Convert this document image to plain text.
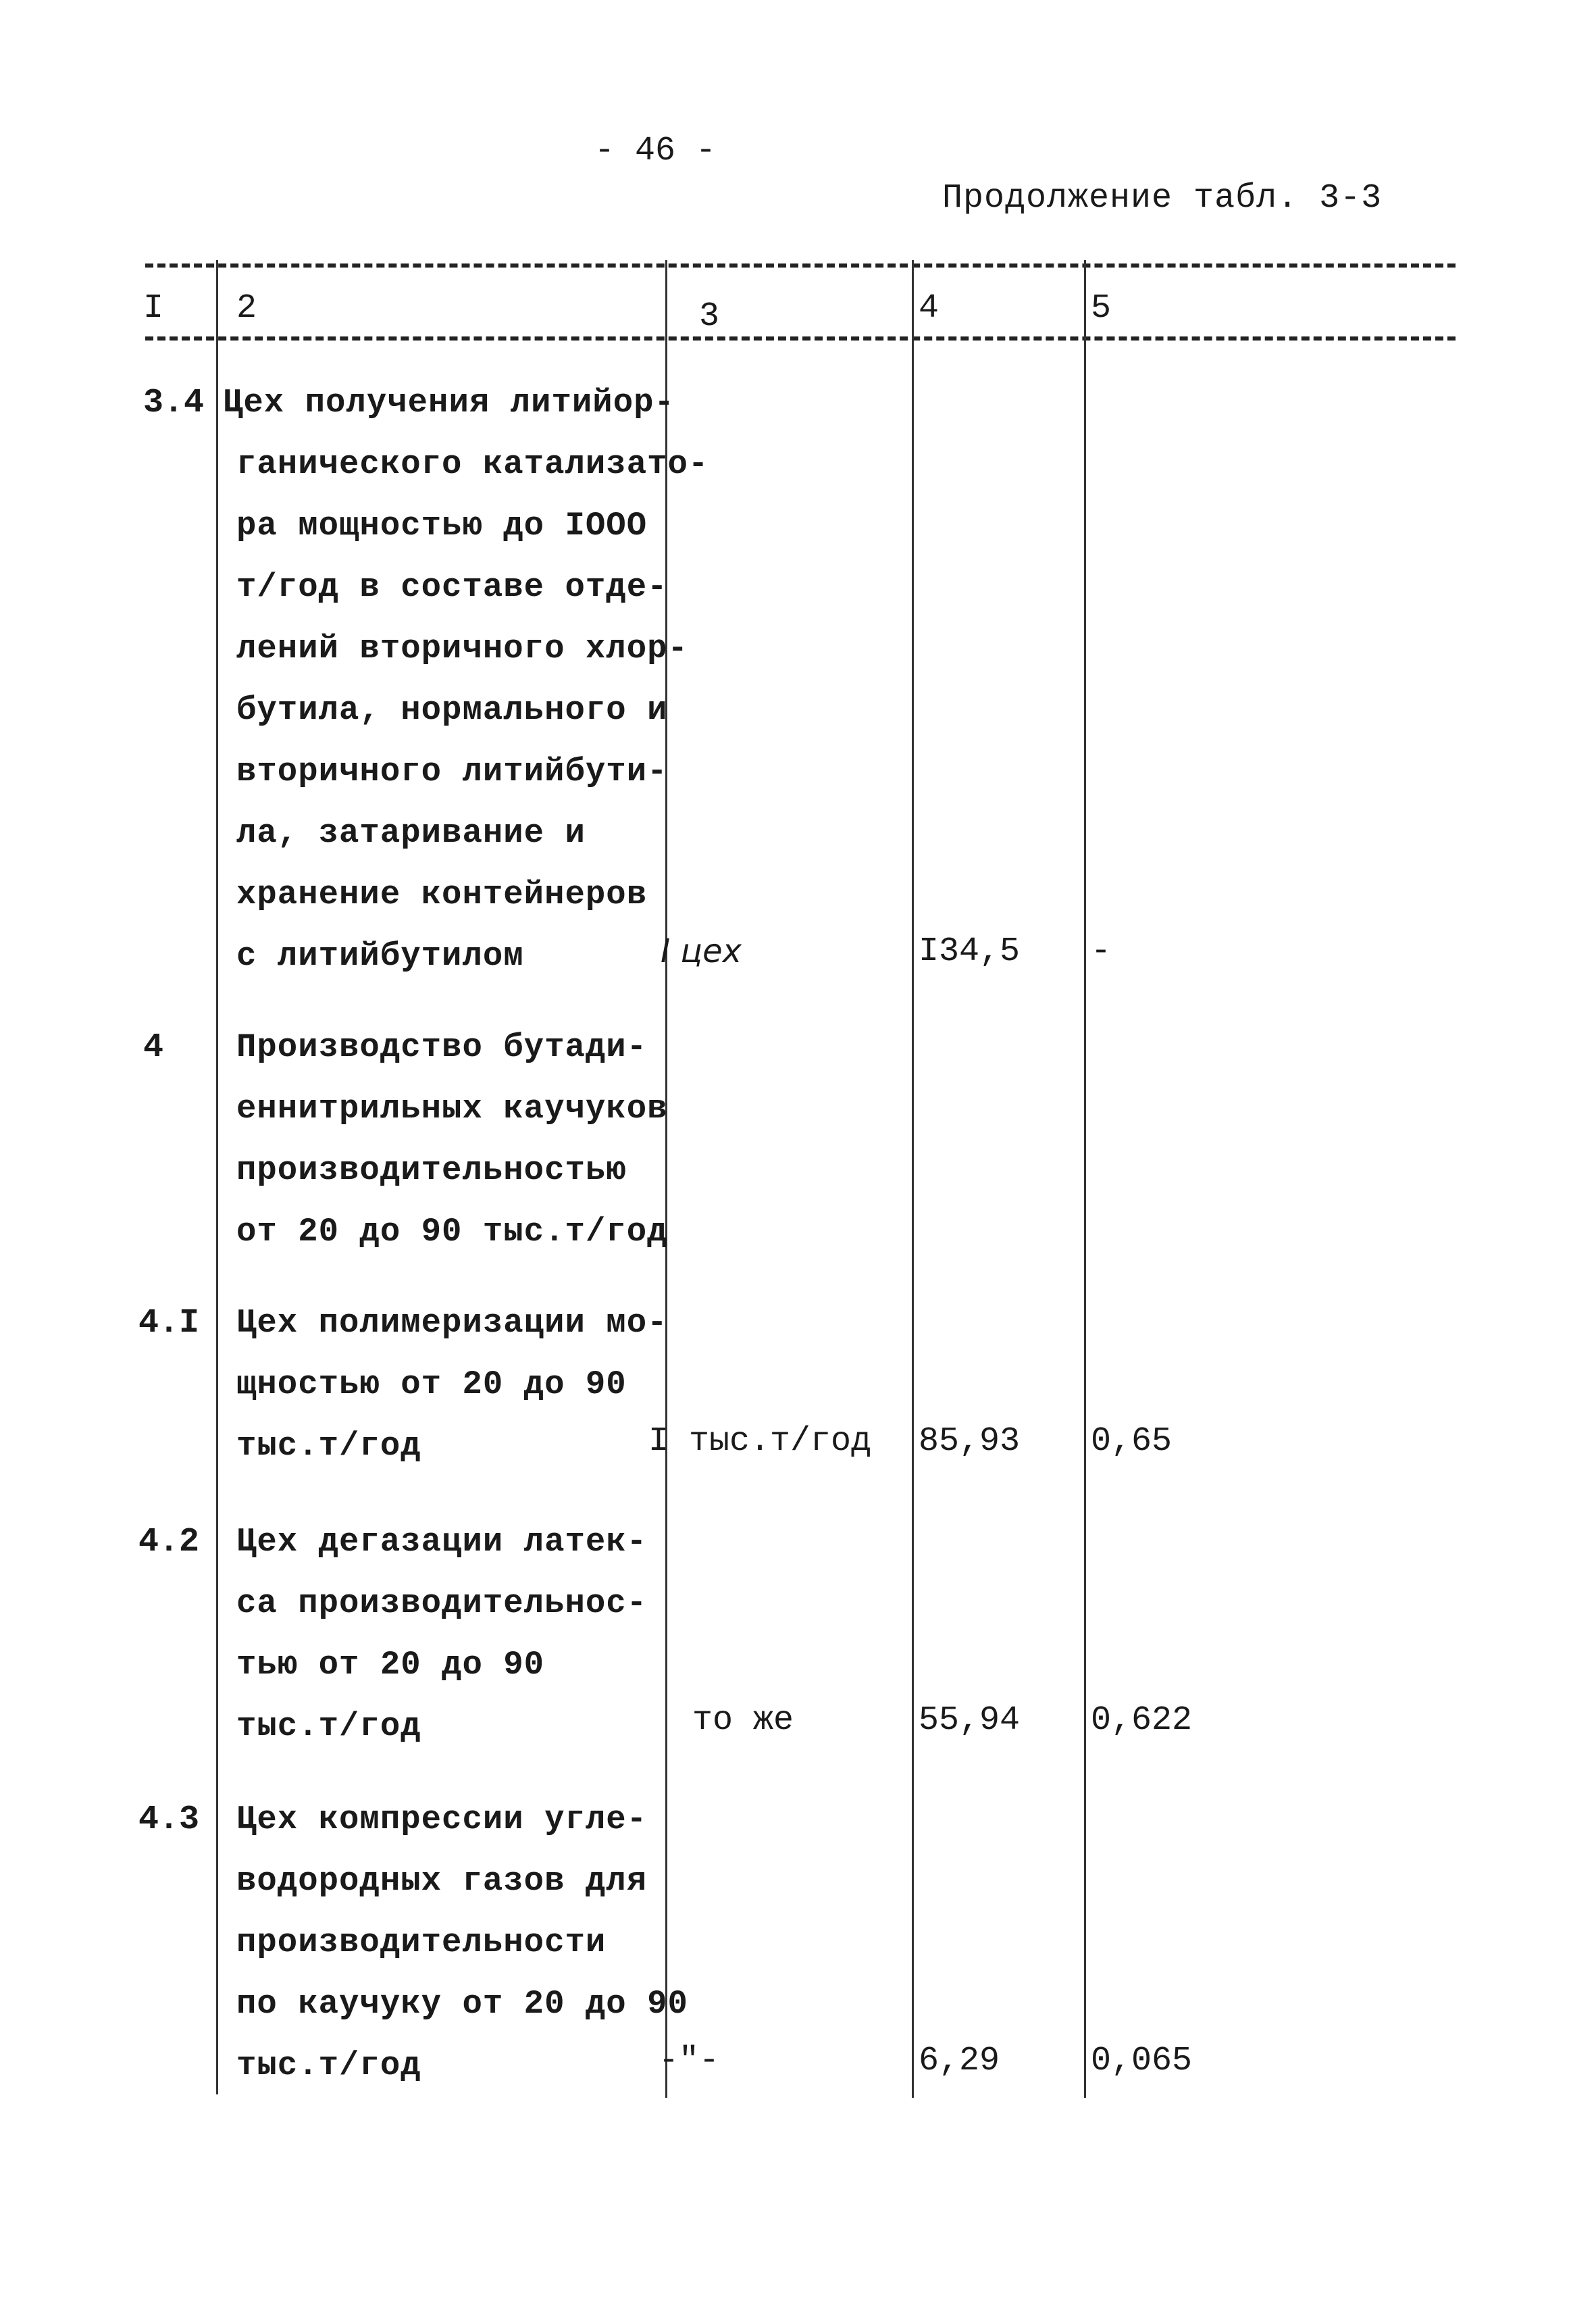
- 46 -
Продолжение табл. 3-3
I 2	3	4	5
3.4 Цех получения литийор-
ганического катализато-
ра мощностью до IOOO
т/год в составе отде-
лений вторичного хлор-
бутила, нормального и
вторичного литийбути-
ла, затаривание и
хранение контейнеров
с литийбутилом	I цех	I34,5 -
4 Производство бутади-
еннитрильных каучуков
производительностью
от 20 до 90 тыс.т/год
4.I Цех полимеризации мо-
щностью от 20 до 90
тыс.т/год	I тыс.т/год 85,93 0,65
4.2 Цех дегазации латек-
са производительнос-
тью от 20 до 90
тыс.т/год	то же	55,94 0,622
4.3 Цех компрессии угле-
водородных газов для
производительности
по каучуку от 20 до 90
тыс.т/год	-"-	6,29	0,065
